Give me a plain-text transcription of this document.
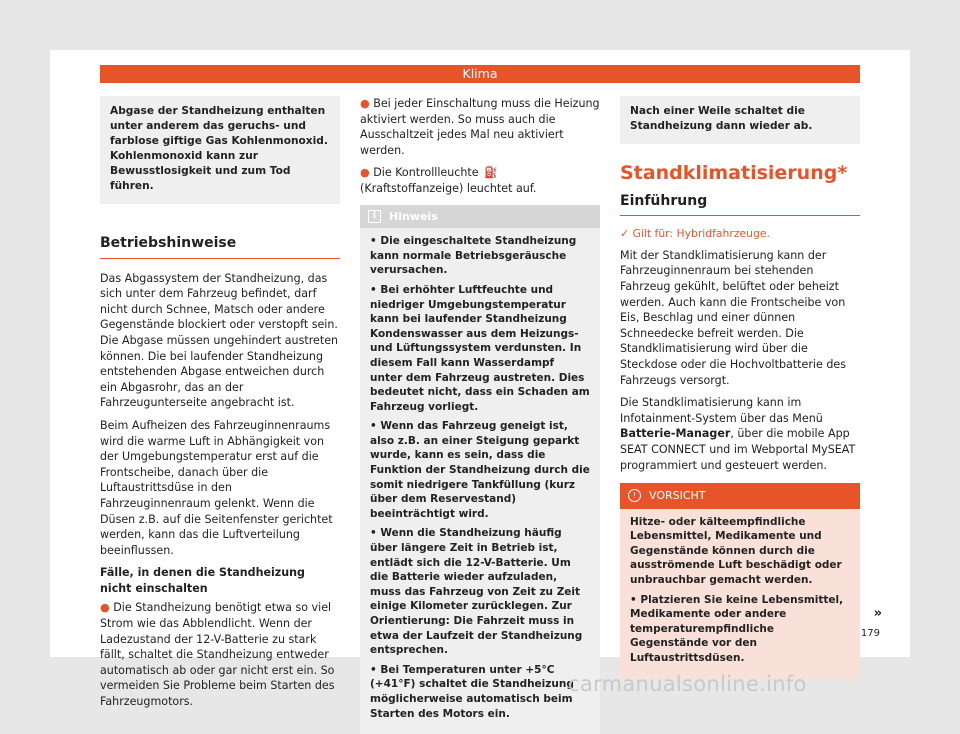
Klima
Abgase der Standheizung enthalten unter anderem das geruchs- und farblose giftige Gas Kohlenmonoxid. Kohlenmonoxid kann zur Bewusstlosigkeit und zum Tod führen.
Betriebshinweise

Das Abgassystem der Standheizung, das sich unter dem Fahrzeug befindet, darf nicht durch Schnee, Matsch oder andere Gegenstände blockiert oder verstopft sein. Die Abgase müssen ungehindert austreten können. Die bei laufender Standheizung entstehenden Abgase entweichen durch ein Abgasrohr, das an der Fahrzeugunterseite angebracht ist.

Beim Aufheizen des Fahrzeuginnenraums wird die warme Luft in Abhängigkeit von der Umgebungstemperatur erst auf die Frontscheibe, danach über die Luftaustrittsdüse in den Fahrzeuginnenraum gelenkt. Wenn die Düsen z.B. auf die Seitenfenster gerichtet werden, kann das die Luftverteilung beeinflussen.

Fälle, in denen die Standheizung nicht einschalten

● Die Standheizung benötigt etwa so viel Strom wie das Abblendlicht. Wenn der Ladezustand der 12-V-Batterie zu stark fällt, schaltet die Standheizung entweder automatisch ab oder gar nicht erst ein. So vermeiden Sie Probleme beim Starten des Fahrzeugmotors.

● Bei jeder Einschaltung muss die Heizung aktiviert werden. So muss auch die Ausschaltzeit jedes Mal neu aktiviert werden.

● Die Kontrollleuchte ⛽ (Kraftstoffanzeige) leuchtet auf.

i	Hinweis

• Die eingeschaltete Standheizung kann normale Betriebsgeräusche verursachen.

• Bei erhöhter Luftfeuchte und niedriger Umgebungstemperatur kann bei laufender Standheizung Kondenswasser aus dem Heizungs- und Lüftungssystem verdunsten. In diesem Fall kann Wasserdampf unter dem Fahrzeug austreten. Dies bedeutet nicht, dass ein Schaden am Fahrzeug vorliegt.

• Wenn das Fahrzeug geneigt ist, also z.B. an einer Steigung geparkt wurde, kann es sein, dass die Funktion der Standheizung durch die somit niedrigere Tankfüllung (kurz über dem Reservestand) beeinträchtigt wird.

• Wenn die Standheizung häufig über längere Zeit in Betrieb ist, entlädt sich die 12-V-Batterie. Um die Batterie wieder aufzuladen, muss das Fahrzeug von Zeit zu Zeit einige Kilometer zurücklegen. Zur Orientierung: Die Fahrzeit muss in etwa der Laufzeit der Standheizung entsprechen.

• Bei Temperaturen unter +5°C (+41°F) schaltet die Standheizung möglicherweise automatisch beim Starten des Motors ein.

Nach einer Weile schaltet die Standheizung dann wieder ab.
Standklimatisierung*
Einführung
✓ Gilt für: Hybridfahrzeuge.

Mit der Standklimatisierung kann der Fahrzeuginnenraum bei stehenden Fahrzeug gekühlt, belüftet oder beheizt werden. Auch kann die Frontscheibe von Eis, Beschlag und einer dünnen Schneedecke befreit werden. Die Standklimatisierung wird über die Steckdose oder die Hochvoltbatterie des Fahrzeugs versorgt.

Die Standklimatisierung kann im Infotainment-System über das Menü Batterie-Manager, über die mobile App SEAT CONNECT und im Webportal MySEAT programmiert und gesteuert werden.

!	VORSICHT

Hitze- oder kälteempfindliche Lebensmittel, Medikamente und Gegenstände können durch die ausströmende Luft beschädigt oder unbrauchbar gemacht werden.

• Platzieren Sie keine Lebensmittel, Medikamente oder andere temperaturempfindliche Gegenstände vor den Luftaustrittsdüsen.

»
179
carmanualsonline.info
